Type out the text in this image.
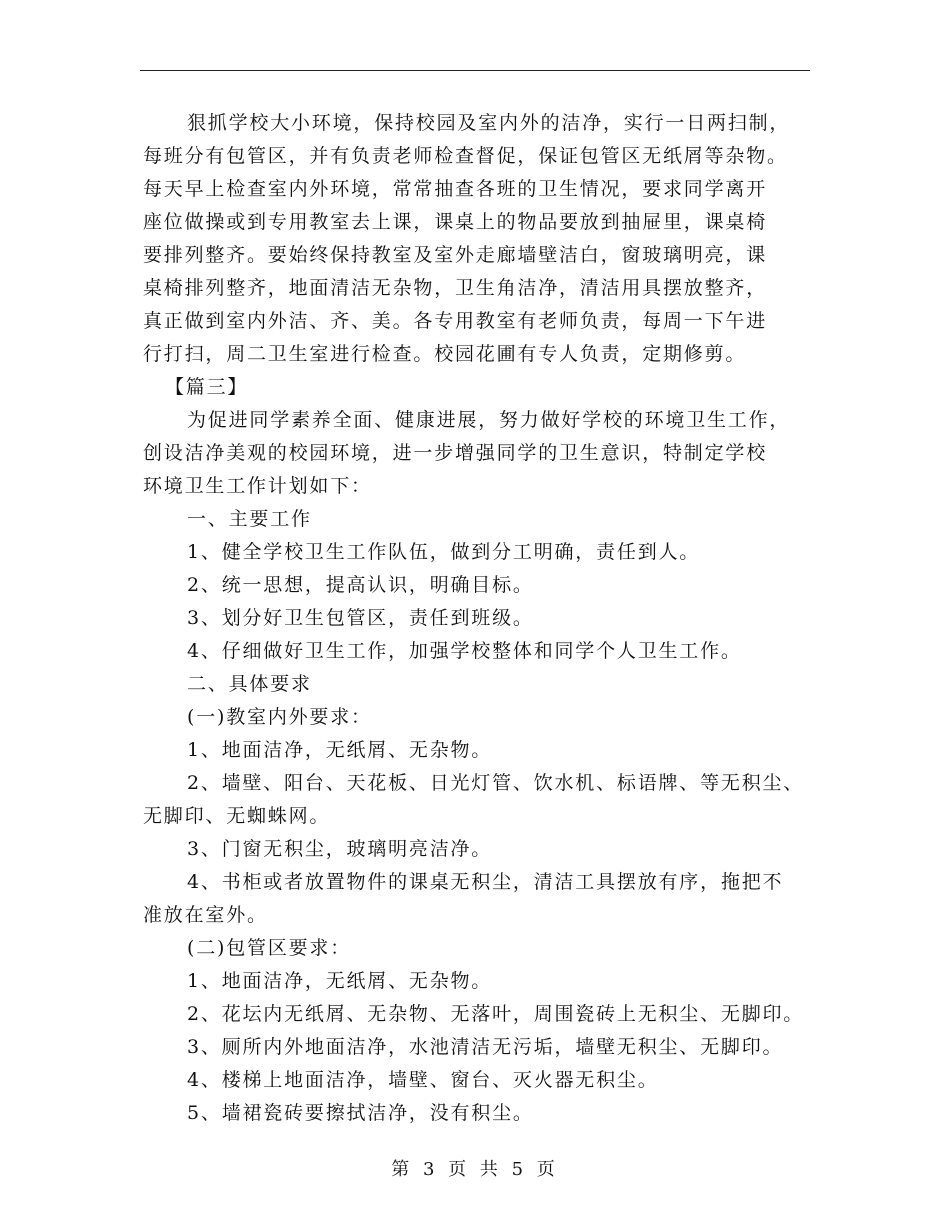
狠抓学校大小环境，保持校园及室内外的洁净，实行一日两扫制，
每班分有包管区，并有负责老师检查督促，保证包管区无纸屑等杂物。
每天早上检查室内外环境，常常抽查各班的卫生情况，要求同学离开
座位做操或到专用教室去上课，课桌上的物品要放到抽屉里，课桌椅
要排列整齐。要始终保持教室及室外走廊墙壁洁白，窗玻璃明亮，课
桌椅排列整齐，地面清洁无杂物，卫生角洁净，清洁用具摆放整齐，
真正做到室内外洁、齐、美。各专用教室有老师负责，每周一下午进
行打扫，周二卫生室进行检查。校园花圃有专人负责，定期修剪。
【篇三】
为促进同学素养全面、健康进展，努力做好学校的环境卫生工作，
创设洁净美观的校园环境，进一步增强同学的卫生意识，特制定学校
环境卫生工作计划如下：
一、主要工作
1、健全学校卫生工作队伍，做到分工明确，责任到人。
2、统一思想，提高认识，明确目标。
3、划分好卫生包管区，责任到班级。
4、仔细做好卫生工作，加强学校整体和同学个人卫生工作。
二、具体要求
(一)教室内外要求：
1、地面洁净，无纸屑、无杂物。
2、墙壁、阳台、天花板、日光灯管、饮水机、标语牌、等无积尘、
无脚印、无蜘蛛网。
3、门窗无积尘，玻璃明亮洁净。
4、书柜或者放置物件的课桌无积尘，清洁工具摆放有序，拖把不
准放在室外。
(二)包管区要求：
1、地面洁净，无纸屑、无杂物。
2、花坛内无纸屑、无杂物、无落叶，周围瓷砖上无积尘、无脚印。
3、厕所内外地面洁净，水池清洁无污垢，墙壁无积尘、无脚印。
4、楼梯上地面洁净，墙壁、窗台、灭火器无积尘。
5、墙裙瓷砖要擦拭洁净，没有积尘。
第 3 页 共 5 页
